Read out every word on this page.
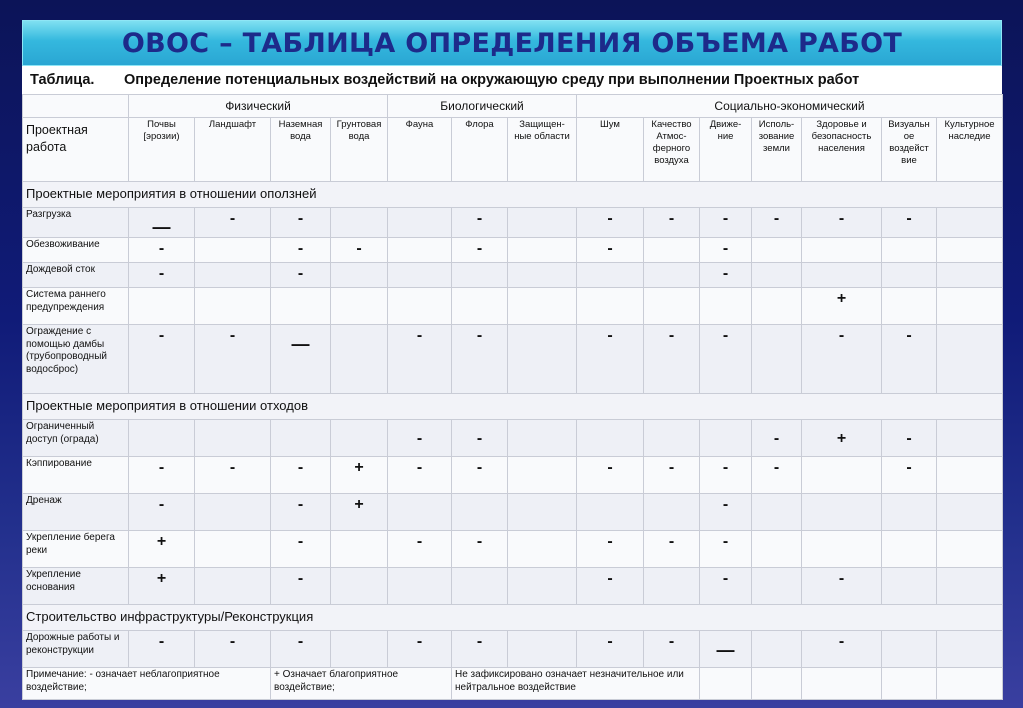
ОВОС – ТАБЛИЦА ОПРЕДЕЛЕНИЯ ОБЪЕМА РАБОТ
Таблица. Определение потенциальных воздействий на окружающую среду при выполнении Проектных работ
	Физический				Биологический			Социально-экономический						
Проектная работа	Почвы [эрозии)	Ландшафт	Наземная вода	Грунтовая вода	Фауна	Флора	Защищен-ные области	Шум	Качество Атмос-ферного воздуха	Движе-ние	Исполь-зование земли	Здоровье и безопасность населения	Визуальн ое воздейст вие	Культурное наследие
Проектные мероприятия в отношении оползней														
Разгрузка	—	-	-			-		-	-	-	-	-	-	
Обезвоживание	-		-	-		-		-		-				
Дождевой сток	-		-							-				
Система раннего предупреждения												+		
Ограждение с помощью дамбы (трубопроводный водосброс)	-	-	—		-	-		-	-	-		-	-	
Проектные мероприятия в отношении отходов														
Ограниченный доступ (ограда)					-	-					-	+	-	
Кэппирование	-	-	-	+	-	-		-	-	-	-		-	
Дренаж	-		-	+						-				
Укрепление берега реки	+		-		-	-		-	-	-				
Укрепление основания	+		-					-		-		-		
Строительство инфраструктуры/Реконструкция														
Дорожные работы и реконструкции	-	-	-		-	-		-	-	—		-		
Примечание: - означает неблагоприятное воздействие;			+ Означает благоприятное воздействие;			Не зафиксировано означает незначительное или нейтральное воздействие								
